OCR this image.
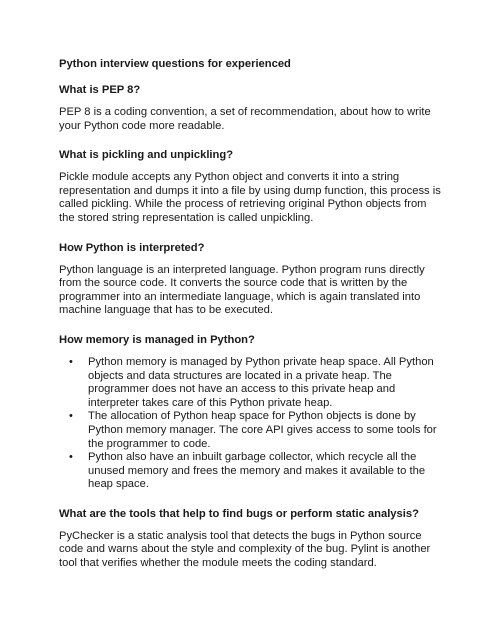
Python interview questions for experienced
What is PEP 8?
PEP 8 is a coding convention, a set of recommendation, about how to write your Python code more readable.
What is pickling and unpickling?
Pickle module accepts any Python object and converts it into a string representation and dumps it into a file by using dump function, this process is called pickling. While the process of retrieving original Python objects from the stored string representation is called unpickling.
How Python is interpreted?
Python language is an interpreted language. Python program runs directly from the source code. It converts the source code that is written by the programmer into an intermediate language, which is again translated into machine language that has to be executed.
How memory is managed in Python?
• Python memory is managed by Python private heap space. All Python objects and data structures are located in a private heap. The programmer does not have an access to this private heap and interpreter takes care of this Python private heap.
• The allocation of Python heap space for Python objects is done by Python memory manager. The core API gives access to some tools for the programmer to code.
• Python also have an inbuilt garbage collector, which recycle all the unused memory and frees the memory and makes it available to the heap space.
What are the tools that help to find bugs or perform static analysis?
PyChecker is a static analysis tool that detects the bugs in Python source code and warns about the style and complexity of the bug. Pylint is another tool that verifies whether the module meets the coding standard.
